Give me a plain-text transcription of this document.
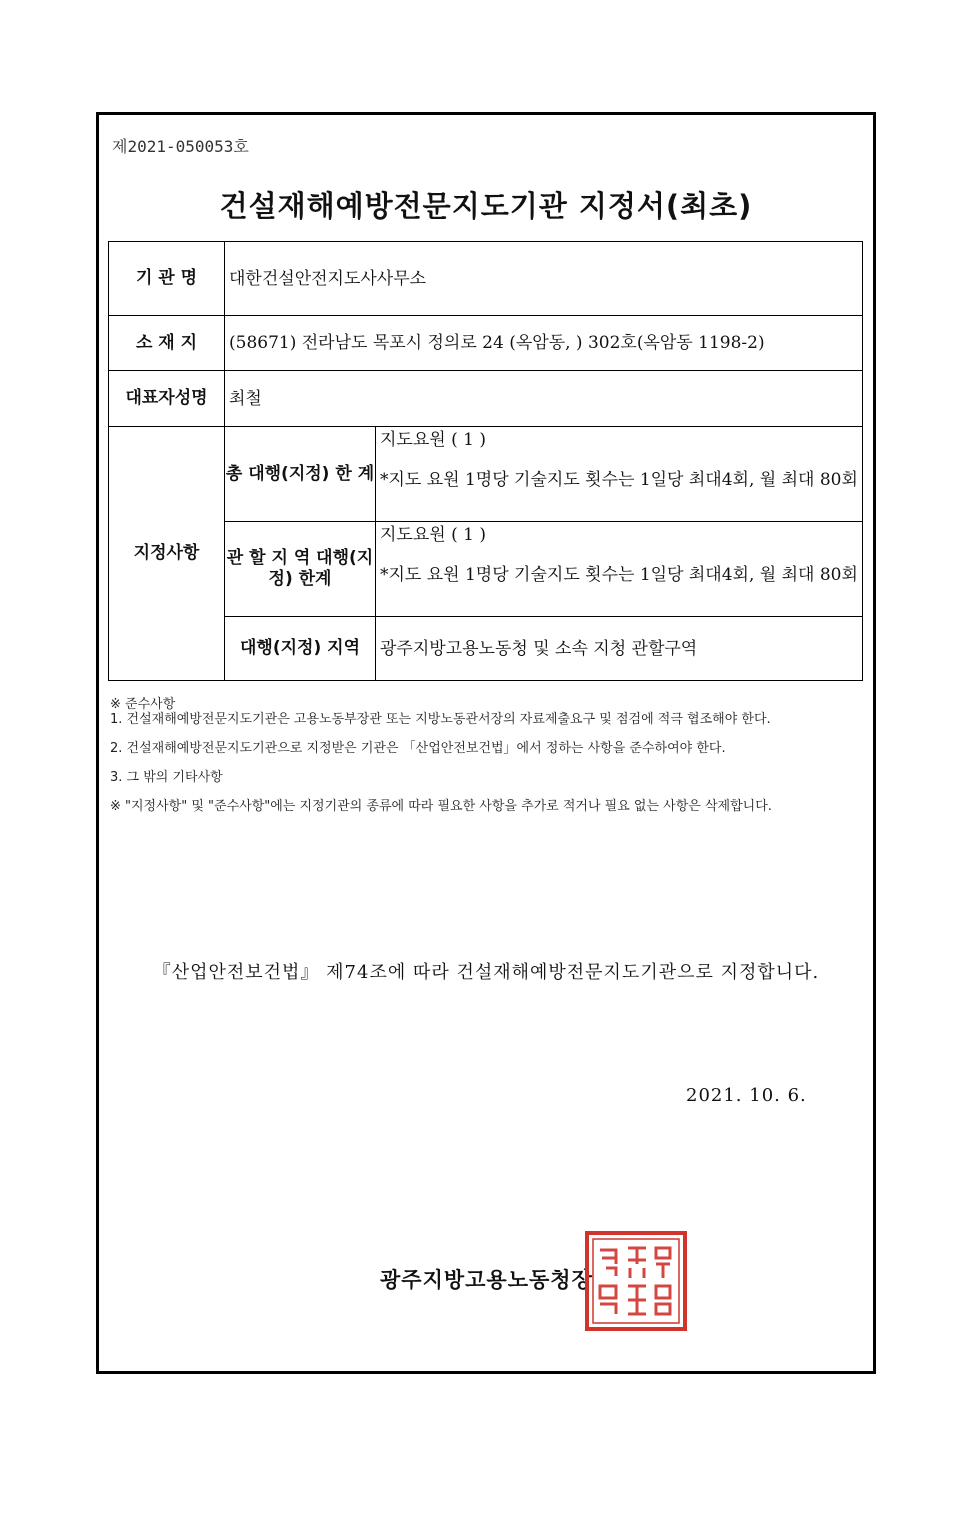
제2021-050053호
건설재해예방전문지도기관 지정서(최초)
기 관 명	대한건설안전지도사사무소	
소 재 지	(58671) 전라남도 목포시 정의로 24 (옥암동, ) 302호(옥암동 1198-2)	
대표자성명	최철	
지정사항	총 대행(지정) 한 계	지도요원 ( 1 )
*지도 요원 1명당 기술지도 횟수는 1일당 최대4회, 월 최대 80회

	관 할 지 역 대행(지정) 한계	지도요원 ( 1 )
*지도 요원 1명당 기술지도 횟수는 1일당 최대4회, 월 최대 80회

	대행(지정) 지역	광주지방고용노동청 및 소속 지청 관할구역

※ 준수사항

1. 건설재해예방전문지도기관은 고용노동부장관 또는 지방노동관서장의 자료제출요구 및 점검에 적극 협조해야 한다.

2. 건설재해예방전문지도기관으로 지정받은 기관은 「산업안전보건법」에서 정하는 사항을 준수하여야 한다.

3. 그 밖의 기타사항

※ "지정사항" 및 "준수사항"에는 지정기관의 종류에 따라 필요한 사항을 추가로 적거나 필요 없는 사항은 삭제합니다.

『산업안전보건법』 제74조에 따라 건설재해예방전문지도기관으로 지정합니다.
2021. 10. 6.
광주지방고용노동청장
